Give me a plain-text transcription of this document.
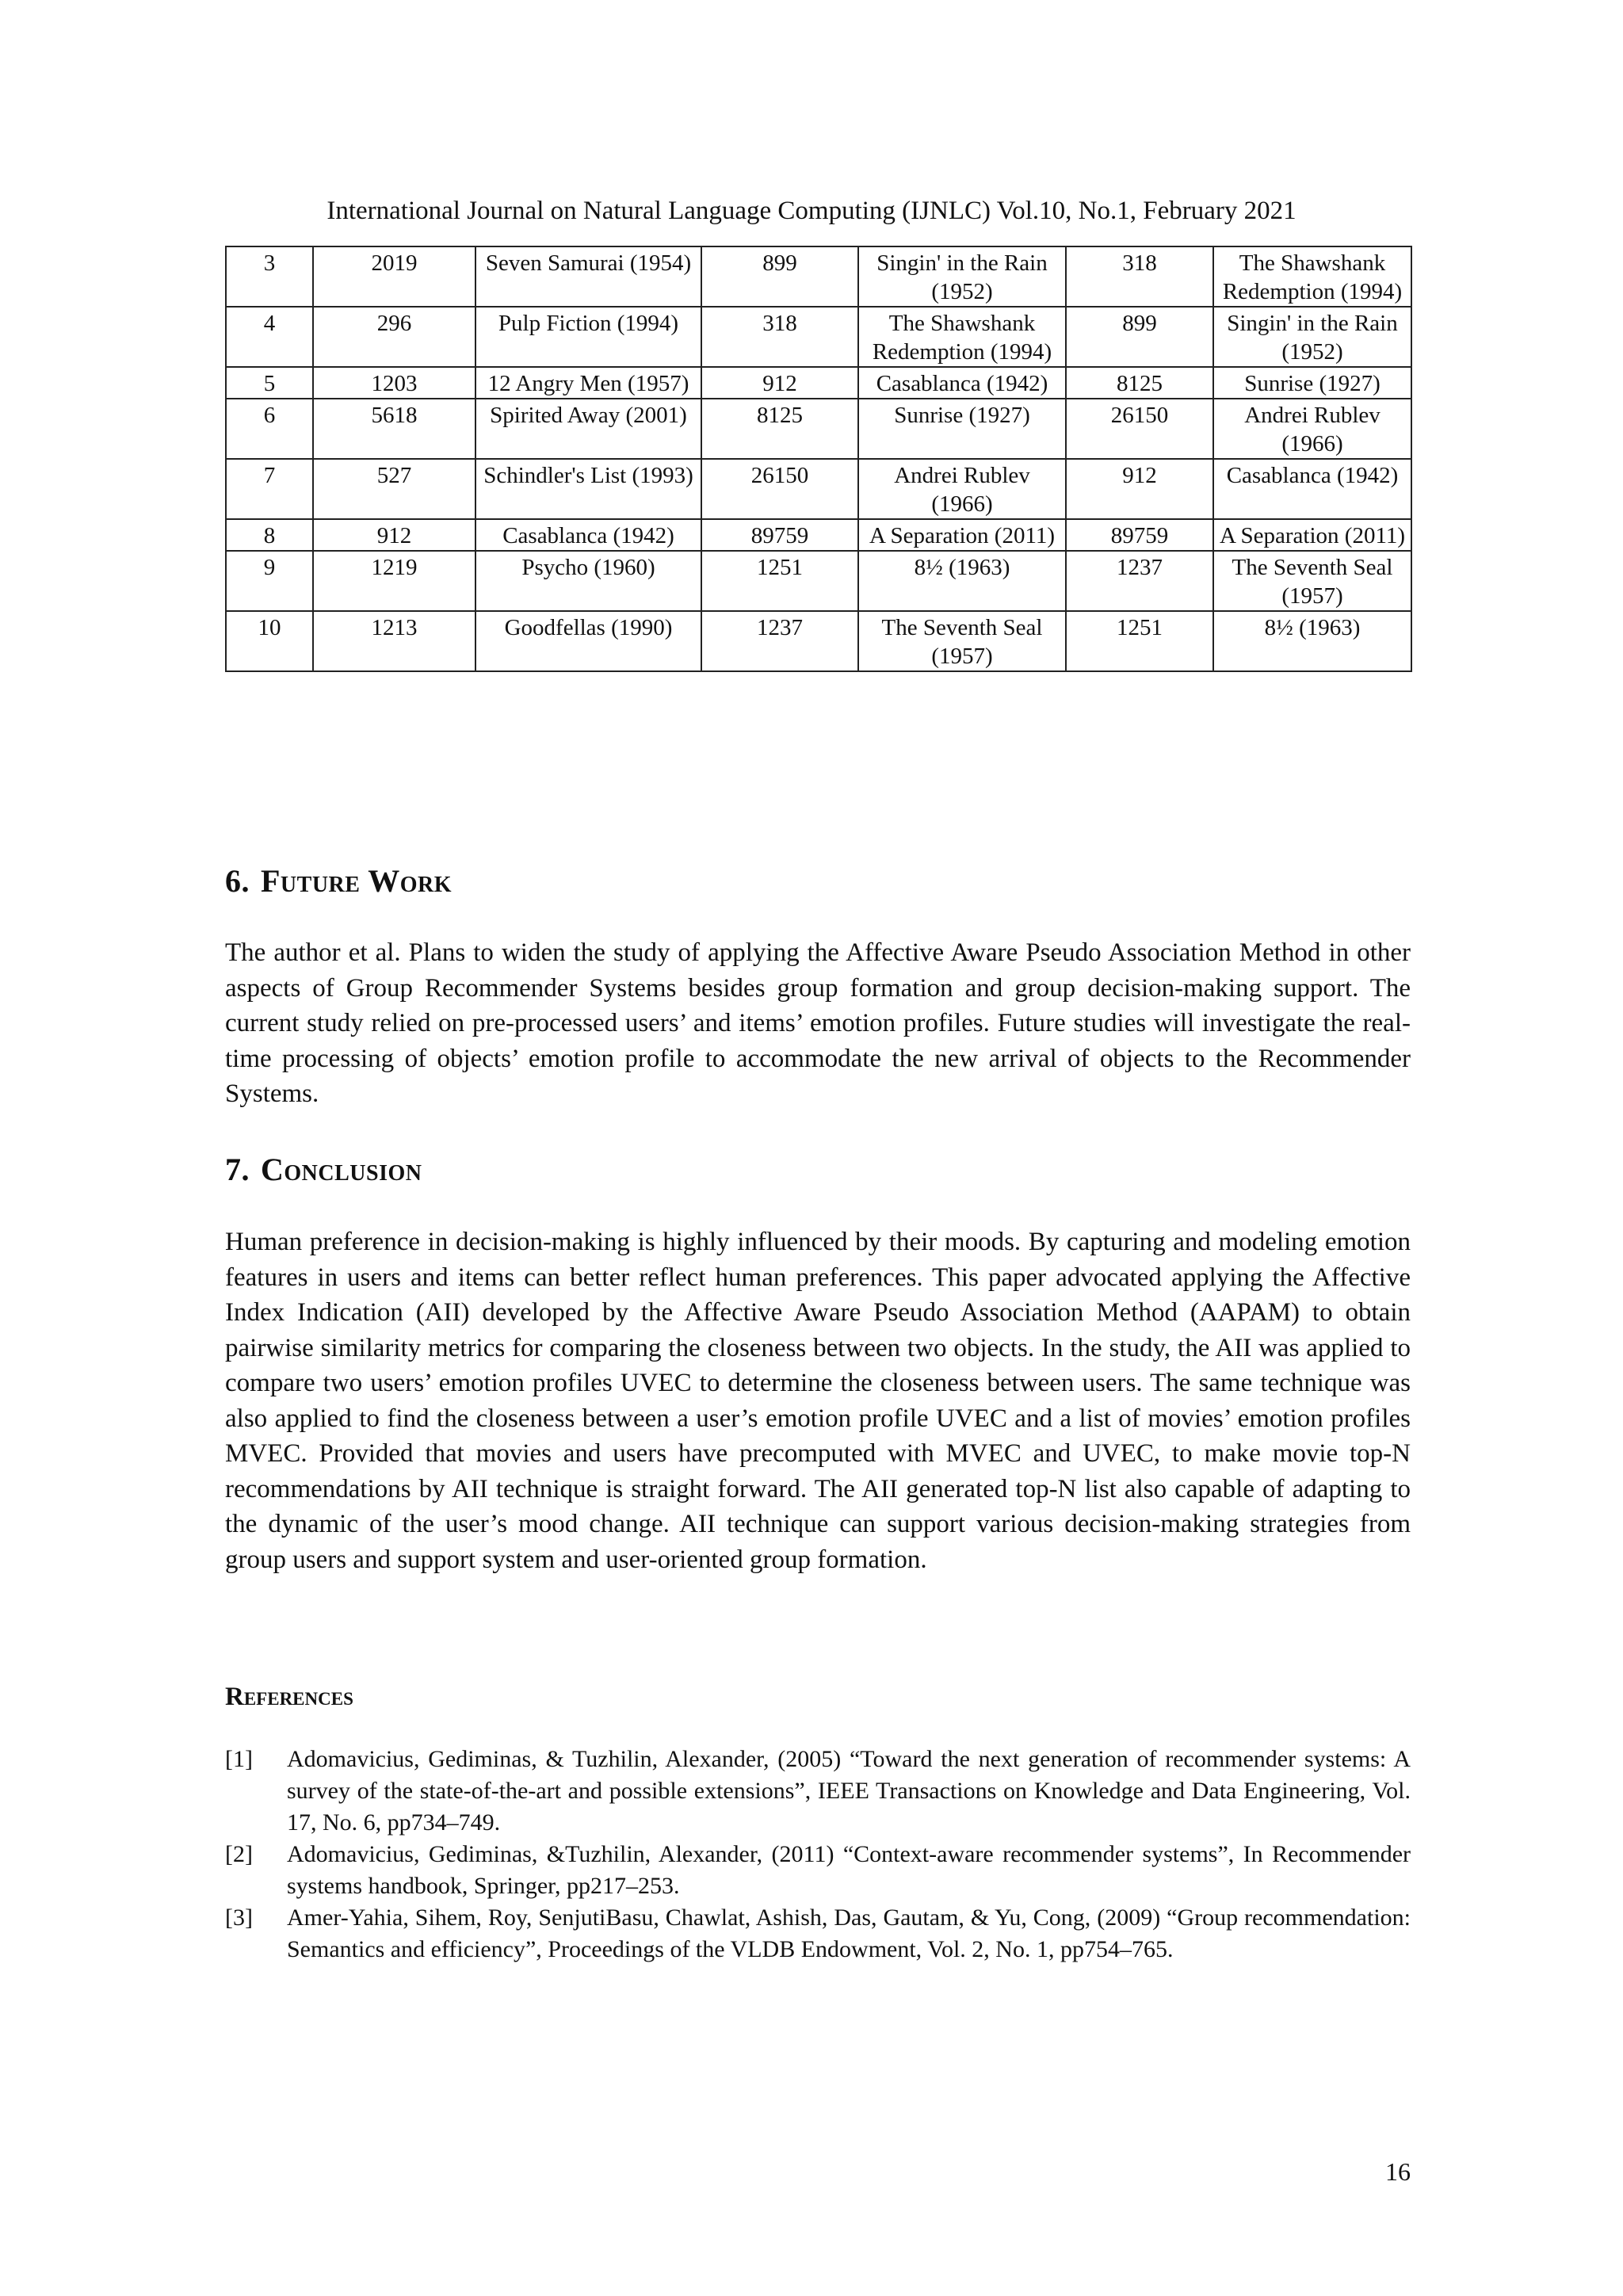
International Journal on Natural Language Computing (IJNLC) Vol.10, No.1, February 2021
3	2019	Seven Samurai (1954)	899	Singin' in the Rain (1952)	318	The Shawshank Redemption (1994)
4	296	Pulp Fiction (1994)	318	The Shawshank Redemption (1994)	899	Singin' in the Rain (1952)
5	1203	12 Angry Men (1957)	912	Casablanca (1942)	8125	Sunrise (1927)
6	5618	Spirited Away (2001)	8125	Sunrise (1927)	26150	Andrei Rublev (1966)
7	527	Schindler's List (1993)	26150	Andrei Rublev (1966)	912	Casablanca (1942)
8	912	Casablanca (1942)	89759	A Separation (2011)	89759	A Separation (2011)
9	1219	Psycho (1960)	1251	8½ (1963)	1237	The Seventh Seal (1957)
10	1213	Goodfellas (1990)	1237	The Seventh Seal (1957)	1251	8½ (1963)
6. Future Work

The author et al. Plans to widen the study of applying the Affective Aware Pseudo Association Method in other aspects of Group Recommender Systems besides group formation and group decision-making support. The current study relied on pre-processed users’ and items’ emotion profiles. Future studies will investigate the real-time processing of objects’ emotion profile to accommodate the new arrival of objects to the Recommender Systems.

7. Conclusion

Human preference in decision-making is highly influenced by their moods. By capturing and modeling emotion features in users and items can better reflect human preferences. This paper advocated applying the Affective Index Indication (AII) developed by the Affective Aware Pseudo Association Method (AAPAM) to obtain pairwise similarity metrics for comparing the closeness between two objects. In the study, the AII was applied to compare two users’ emotion profiles UVEC to determine the closeness between users. The same technique was also applied to find the closeness between a user’s emotion profile UVEC and a list of movies’ emotion profiles MVEC. Provided that movies and users have precomputed with MVEC and UVEC, to make movie top-N recommendations by AII technique is straight forward. The AII generated top-N list also capable of adapting to the dynamic of the user’s mood change. AII technique can support various decision-making strategies from group users and support system and user-oriented group formation.

References
[1] Adomavicius, Gediminas, & Tuzhilin, Alexander, (2005) “Toward the next generation of recommender systems: A survey of the state-of-the-art and possible extensions”, IEEE Transactions on Knowledge and Data Engineering, Vol. 17, No. 6, pp734–749.
[2] Adomavicius, Gediminas, &Tuzhilin, Alexander, (2011) “Context-aware recommender systems”, In Recommender systems handbook, Springer, pp217–253.
[3] Amer-Yahia, Sihem, Roy, SenjutiBasu, Chawlat, Ashish, Das, Gautam, & Yu, Cong, (2009) “Group recommendation: Semantics and efficiency”, Proceedings of the VLDB Endowment, Vol. 2, No. 1, pp754–765.
16
